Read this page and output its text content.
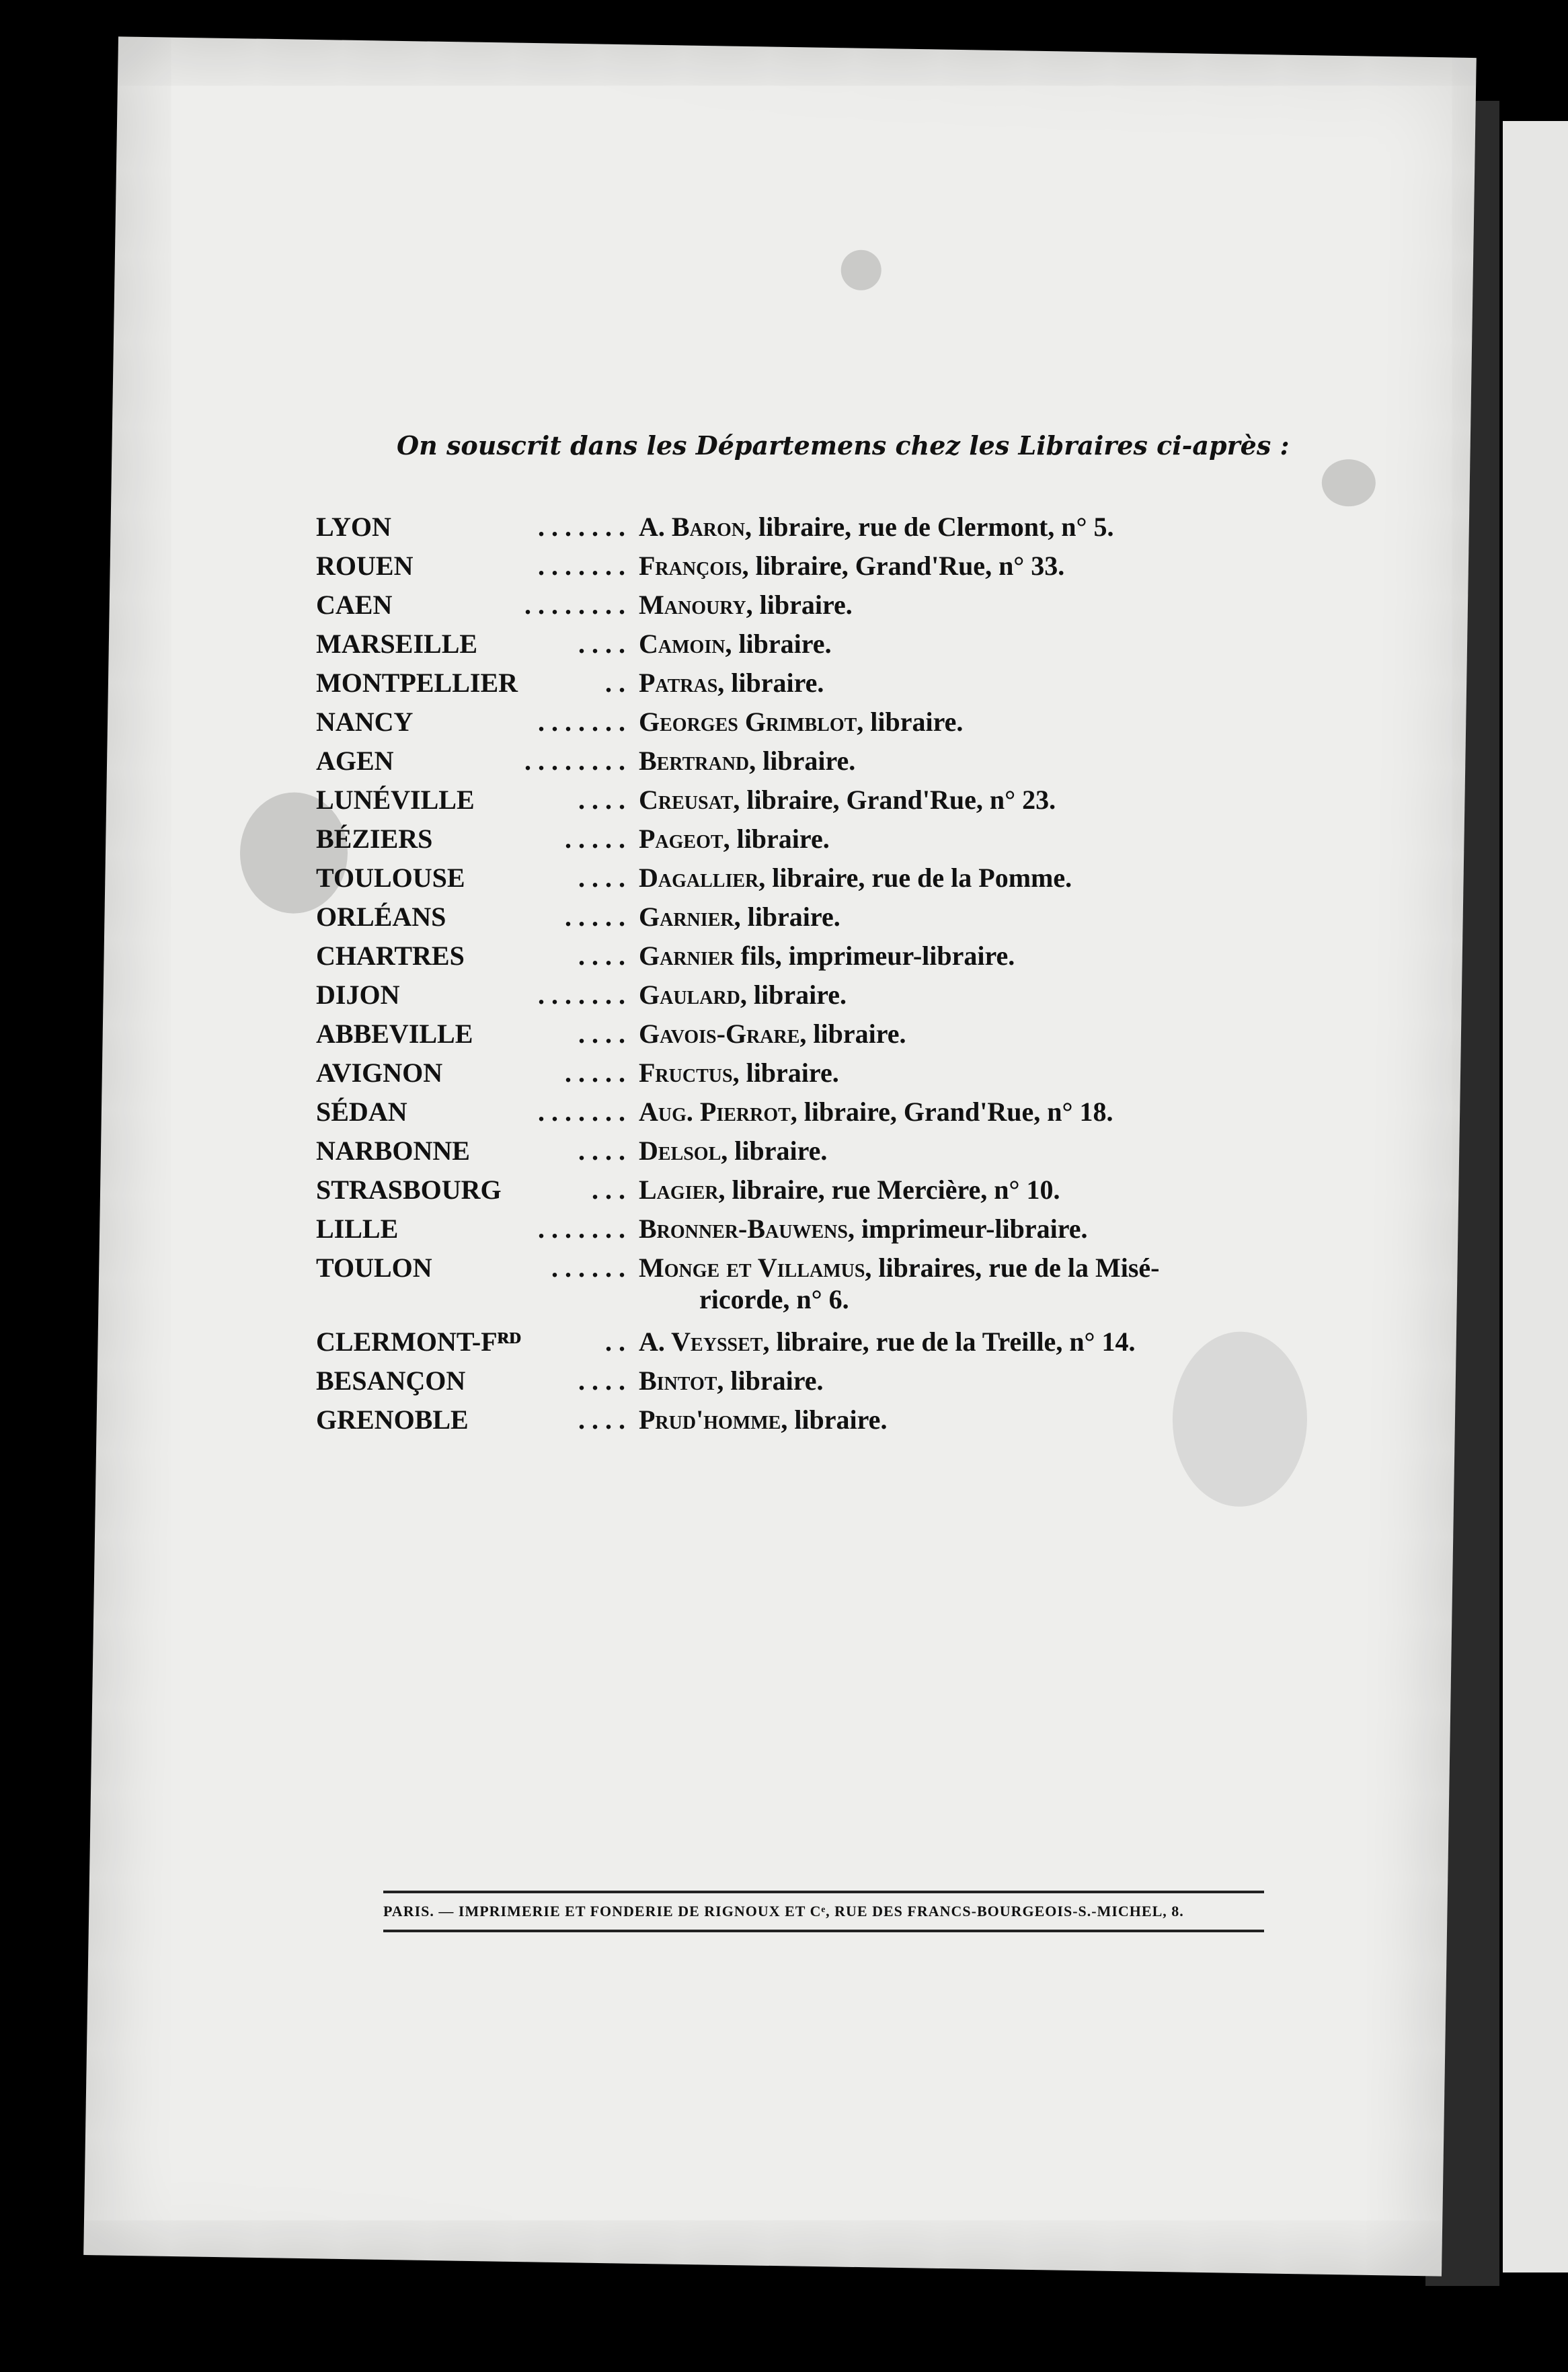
On souscrit dans les Départemens chez les Libraires ci-après :
LYON	. . . . . . . A. Baron, libraire, rue de Clermont, n° 5.
ROUEN	. . . . . . . François, libraire, Grand'Rue, n° 33.
CAEN	. . . . . . . . Manoury, libraire.
MARSEILLE	. . . . Camoin, libraire.
MONTPELLIER	. . Patras, libraire.
NANCY	. . . . . . . Georges Grimblot, libraire.
AGEN	. . . . . . . . Bertrand, libraire.
LUNÉVILLE	. . . . Creusat, libraire, Grand'Rue, n° 23.
BÉZIERS	. . . . . Pageot, libraire.
TOULOUSE	. . . . Dagallier, libraire, rue de la Pomme.
ORLÉANS	. . . . . Garnier, libraire.
CHARTRES	. . . . Garnier fils, imprimeur-libraire.
DIJON	. . . . . . . Gaulard, libraire.
ABBEVILLE	. . . . Gavois-Grare, libraire.
AVIGNON	. . . . . Fructus, libraire.
SÉDAN	. . . . . . . Aug. Pierrot, libraire, Grand'Rue, n° 18.
NARBONNE	. . . . Delsol, libraire.
STRASBOURG	. . . Lagier, libraire, rue Mercière, n° 10.
LILLE	. . . . . . . Bronner-Bauwens, imprimeur-libraire.
TOULON	. . . . . . Monge et Villamus, libraires, rue de la Misé-
ricorde, n° 6.
CLERMONT-Fᴿᴰ	. . A. Veysset, libraire, rue de la Treille, n° 14.
BESANÇON	. . . . Bintot, libraire.
GRENOBLE	. . . . Prud'homme, libraire.
PARIS. — IMPRIMERIE ET FONDERIE DE RIGNOUX ET Cᵉ, RUE DES FRANCS-BOURGEOIS-S.-MICHEL, 8.
